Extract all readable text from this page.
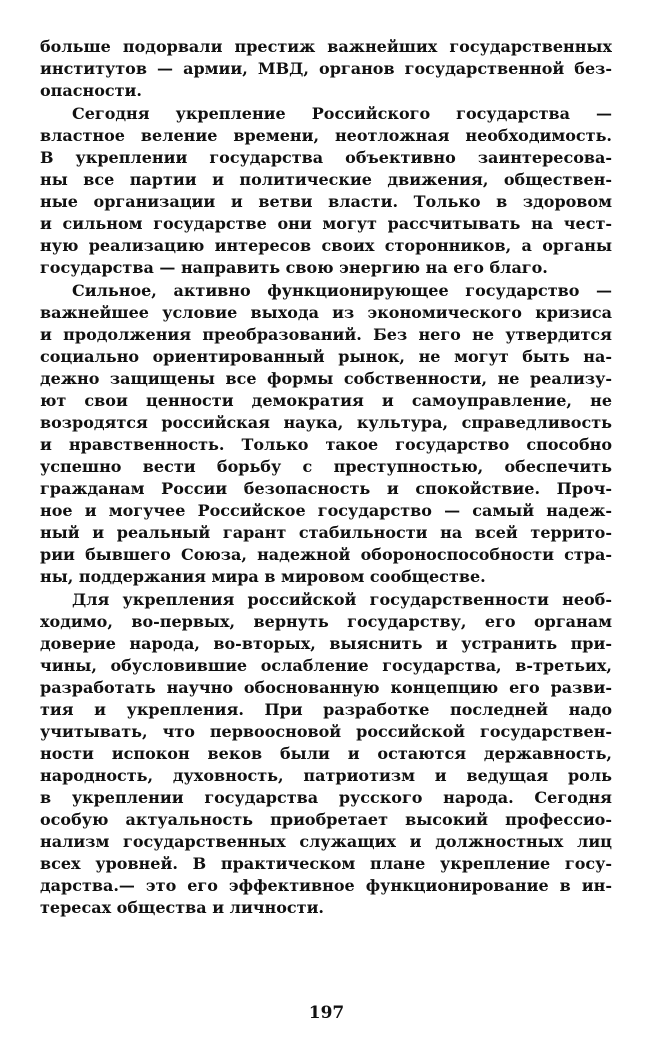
больше подорвали престиж важнейших государственных
институтов — армии, МВД, органов государственной без-
опасности.
Сегодня укрепление Российского государства —
властное веление времени, неотложная необходимость.
В укреплении государства объективно заинтересова-
ны все партии и политические движения, обществен-
ные организации и ветви власти. Только в здоровом
и сильном государстве они могут рассчитывать на чест-
ную реализацию интересов своих сторонников, а органы
государства — направить свою энергию на его благо.
Сильное, активно функционирующее государство —
важнейшее условие выхода из экономического кризиса
и продолжения преобразований. Без него не утвердится
социально ориентированный рынок, не могут быть на-
дежно защищены все формы собственности, не реализу-
ют свои ценности демократия и самоуправление, не
возродятся российская наука, культура, справедливость
и нравственность. Только такое государство способно
успешно вести борьбу с преступностью, обеспечить
гражданам России безопасность и спокойствие. Проч-
ное и могучее Российское государство — самый надеж-
ный и реальный гарант стабильности на всей террито-
рии бывшего Союза, надежной обороноспособности стра-
ны, поддержания мира в мировом сообществе.
Для укрепления российской государственности необ-
ходимо, во-первых, вернуть государству, его органам
доверие народа, во-вторых, выяснить и устранить при-
чины, обусловившие ослабление государства, в-третьих,
разработать научно обоснованную концепцию его разви-
тия и укрепления. При разработке последней надо
учитывать, что первоосновой российской государствен-
ности испокон веков были и остаются державность,
народность, духовность, патриотизм и ведущая роль
в укреплении государства русского народа. Сегодня
особую актуальность приобретает высокий профессио-
нализм государственных служащих и должностных лиц
всех уровней. В практическом плане укрепление госу-
дарства.— это его эффективное функционирование в ин-
тересах общества и личности.
197
